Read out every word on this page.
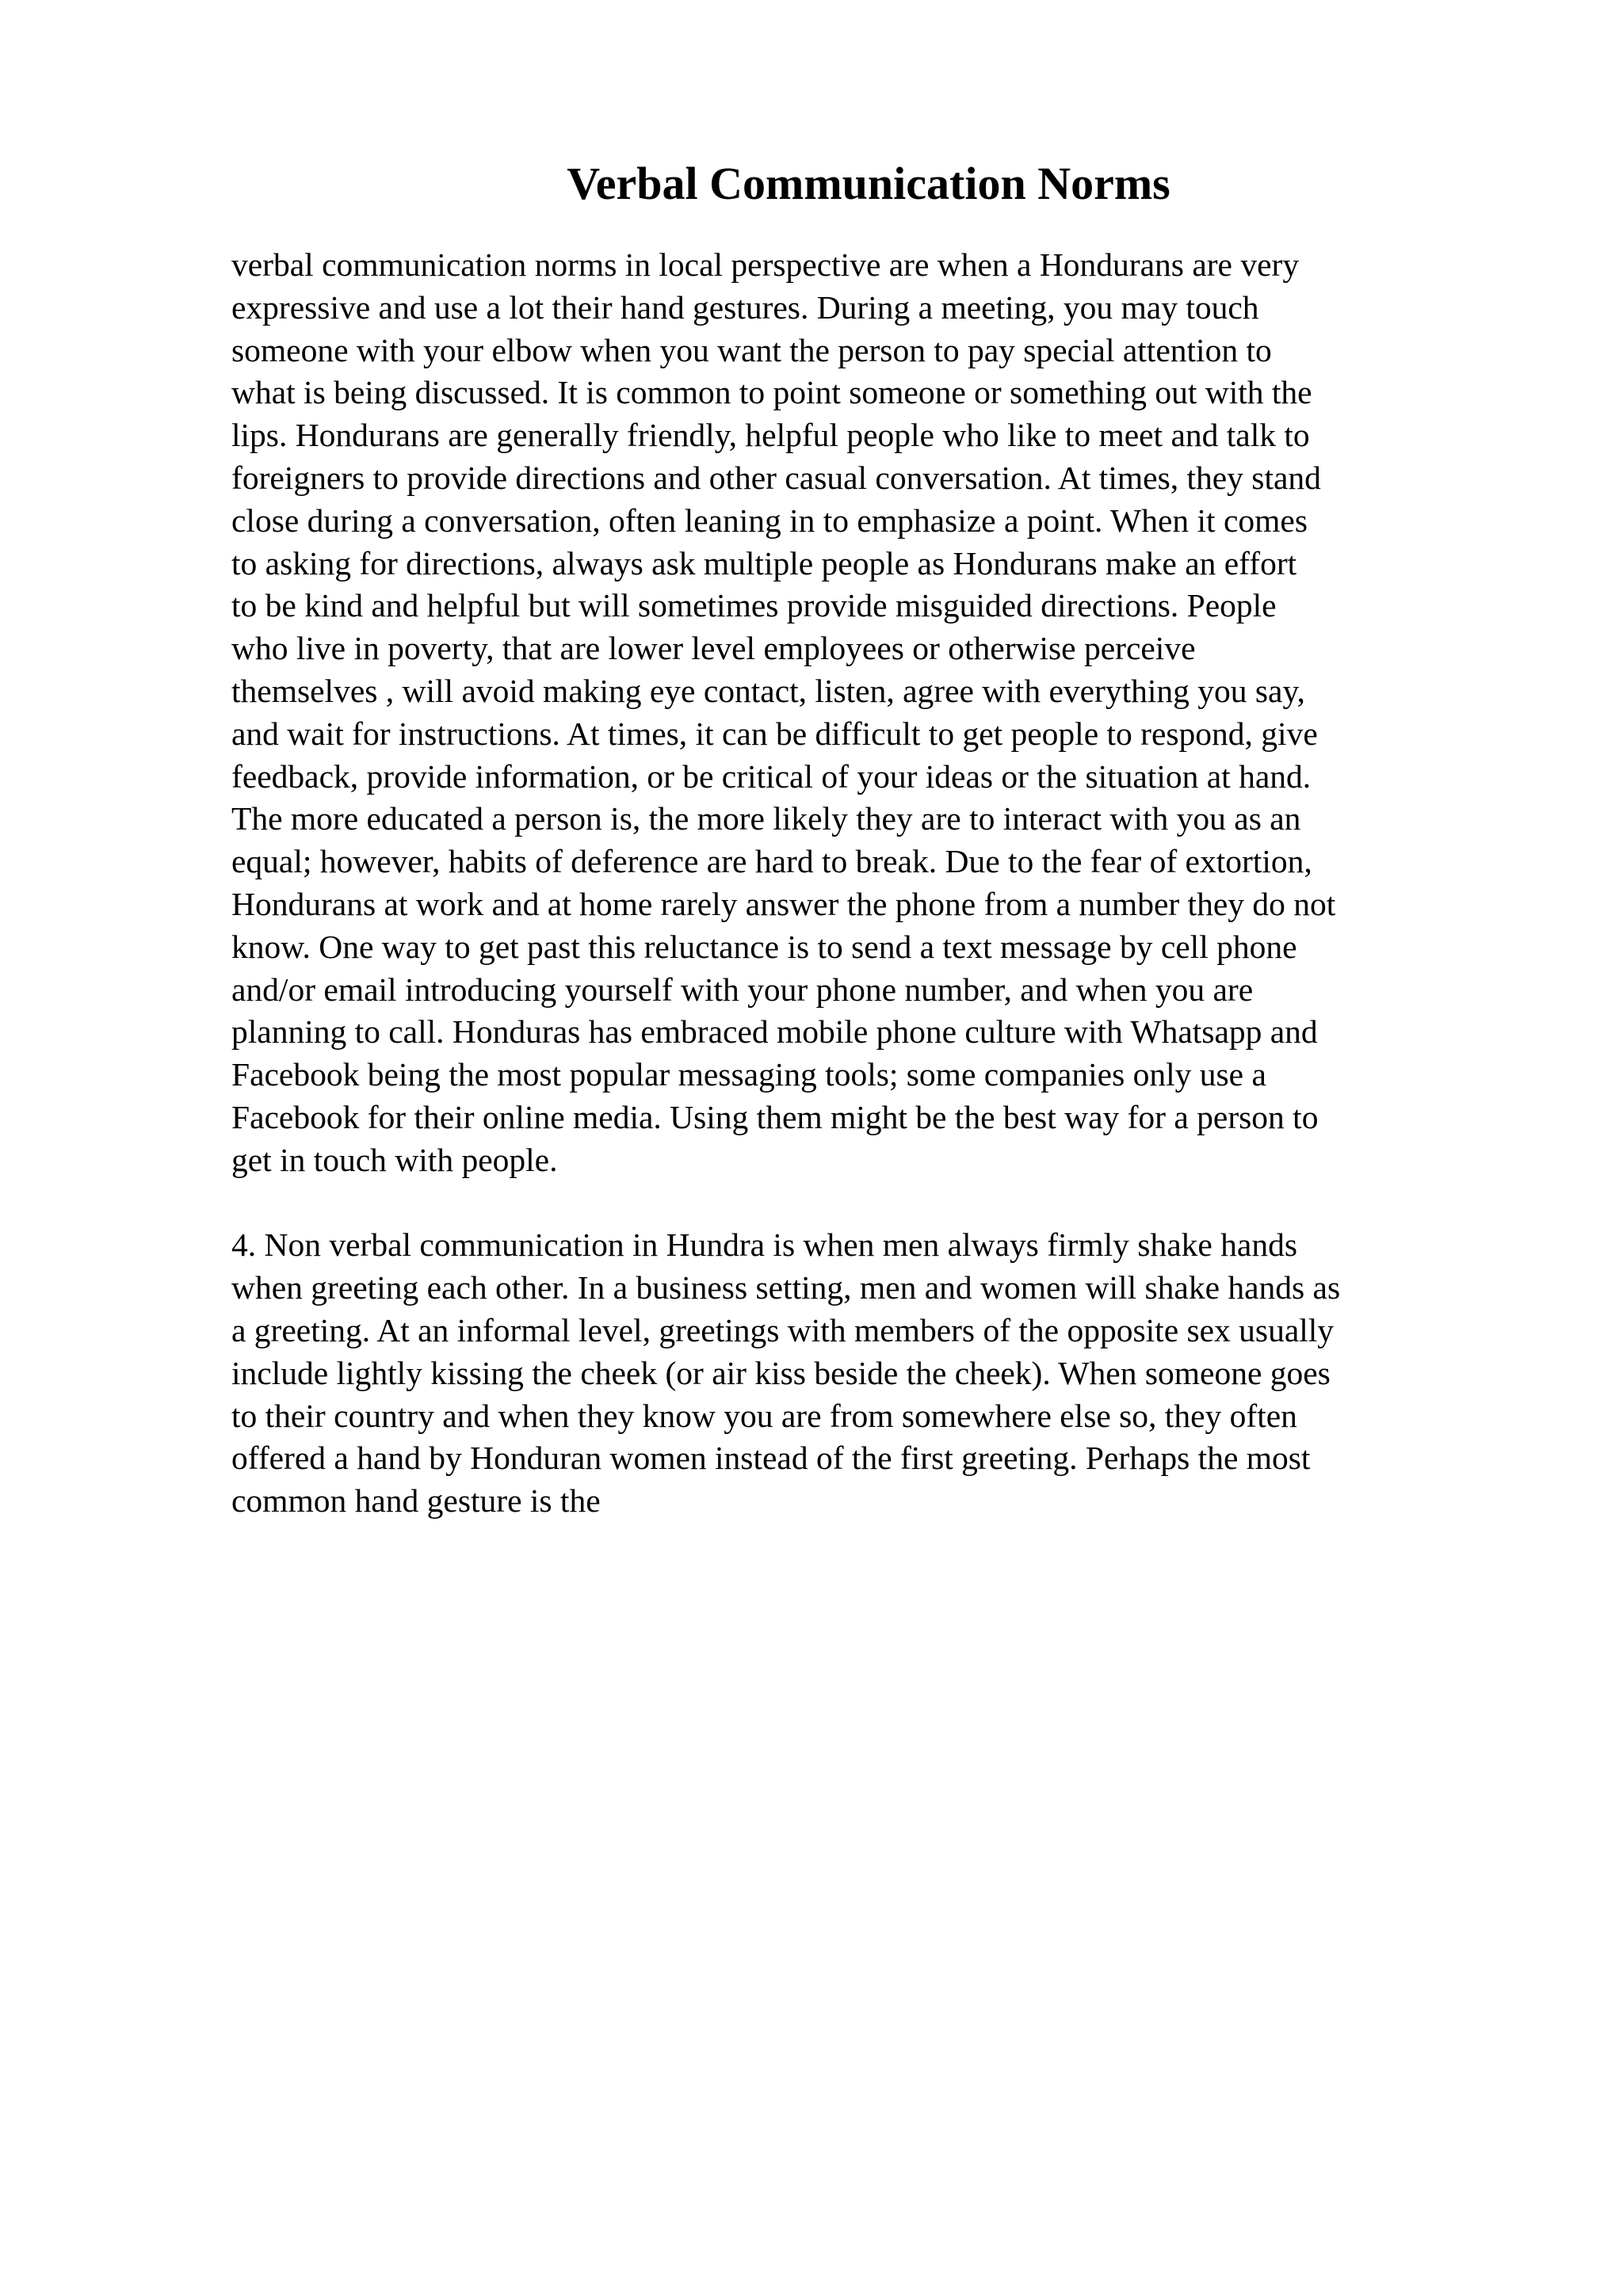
Verbal Communication Norms
verbal communication norms in local perspective are when a Hondurans are very
expressive and use a lot their hand gestures. During a meeting, you may touch
someone with your elbow when you want the person to pay special attention to
what is being discussed. It is common to point someone or something out with the
lips. Hondurans are generally friendly, helpful people who like to meet and talk to
foreigners to provide directions and other casual conversation. At times, they stand
close during a conversation, often leaning in to emphasize a point. When it comes
to asking for directions, always ask multiple people as Hondurans make an effort
to be kind and helpful but will sometimes provide misguided directions. People
who live in poverty, that are lower level employees or otherwise perceive
themselves , will avoid making eye contact, listen, agree with everything you say,
and wait for instructions. At times, it can be difficult to get people to respond, give
feedback, provide information, or be critical of your ideas or the situation at hand.
The more educated a person is, the more likely they are to interact with you as an
equal; however, habits of deference are hard to break. Due to the fear of extortion,
Hondurans at work and at home rarely answer the phone from a number they do not
know. One way to get past this reluctance is to send a text message by cell phone
and/or email introducing yourself with your phone number, and when you are
planning to call. Honduras has embraced mobile phone culture with Whatsapp and
Facebook being the most popular messaging tools; some companies only use a
Facebook for their online media. Using them might be the best way for a person to
get in touch with people.
4. Non verbal communication in Hundra is when men always firmly shake hands
when greeting each other. In a business setting, men and women will shake hands as
a greeting. At an informal level, greetings with members of the opposite sex usually
include lightly kissing the cheek (or air kiss beside the cheek). When someone goes
to their country and when they know you are from somewhere else so, they often
offered a hand by Honduran women instead of the first greeting. Perhaps the most
common hand gesture is the
